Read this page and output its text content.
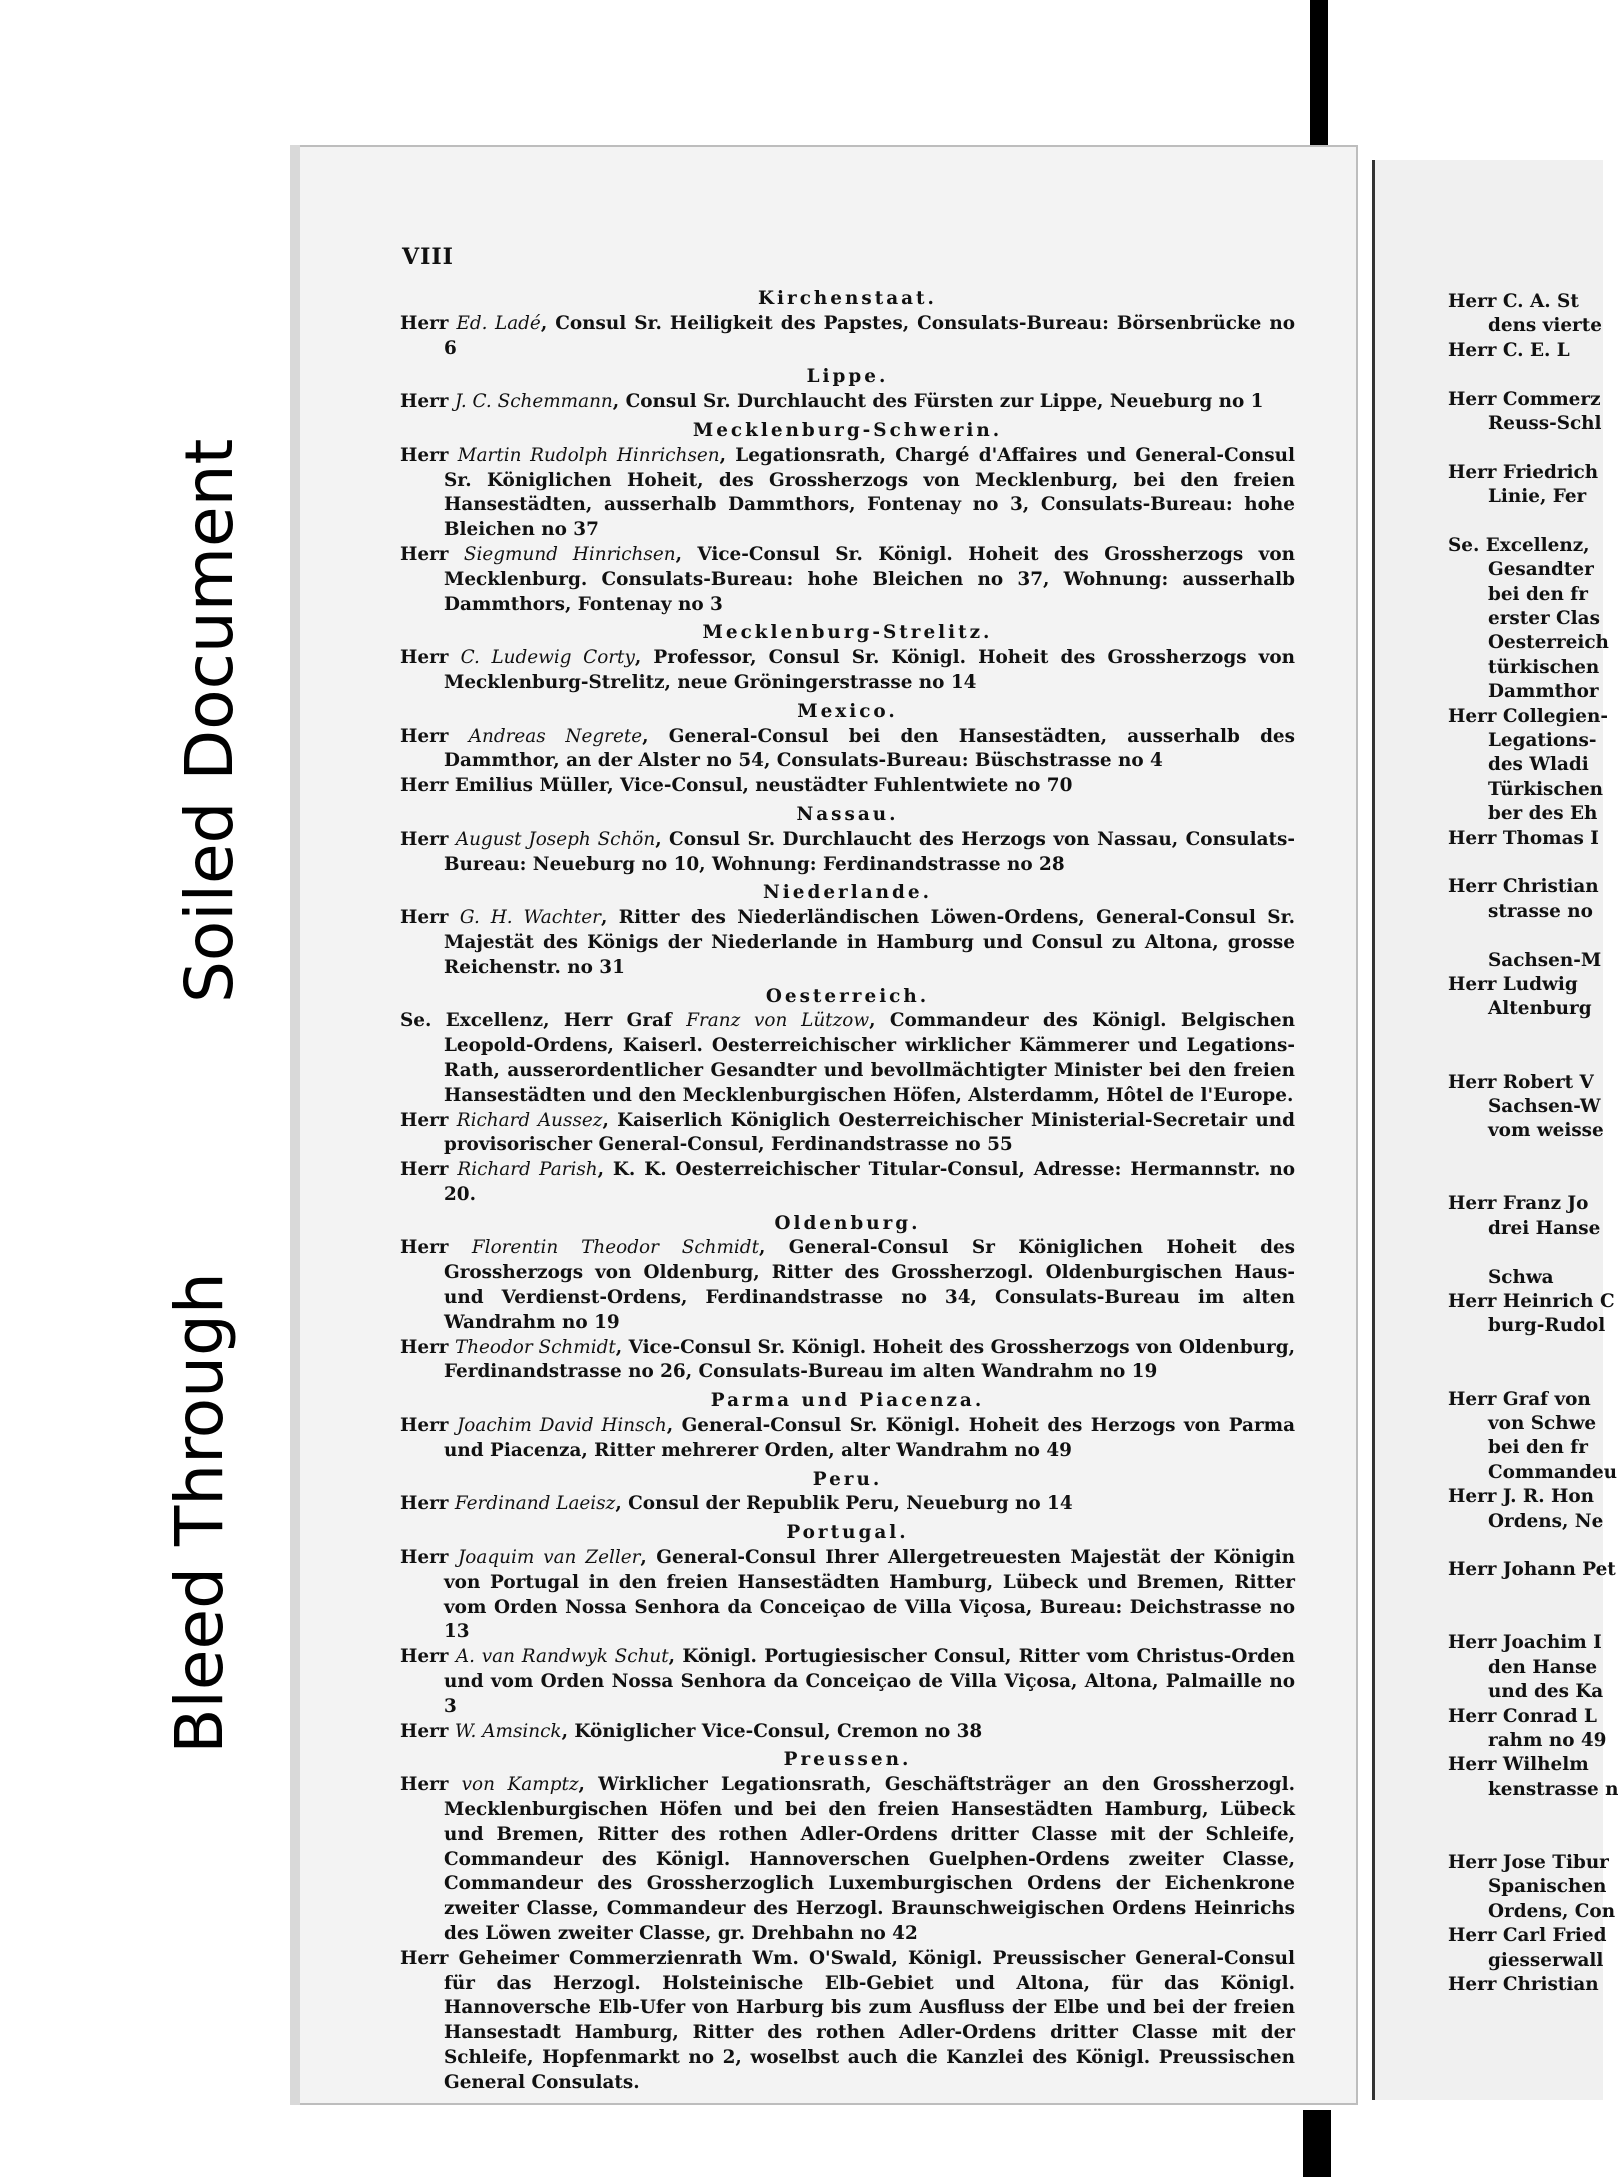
Soiled Document
Bleed Through
VIII
Kirchenstaat.
Herr Ed. Ladé, Consul Sr. Heiligkeit des Papstes, Consulats-Bureau: Börsenbrücke no 6
Lippe.
Herr J. C. Schemmann, Consul Sr. Durchlaucht des Fürsten zur Lippe, Neueburg no 1
Mecklenburg-Schwerin.
Herr Martin Rudolph Hinrichsen, Legationsrath, Chargé d'Affaires und General-Consul Sr. Königlichen Hoheit, des Grossherzogs von Mecklenburg, bei den freien Hansestädten, ausserhalb Dammthors, Fontenay no 3, Consulats-Bureau: hohe Bleichen no 37
Herr Siegmund Hinrichsen, Vice-Consul Sr. Königl. Hoheit des Grossherzogs von Mecklenburg. Consulats-Bureau: hohe Bleichen no 37, Wohnung: ausserhalb Dammthors, Fontenay no 3
Mecklenburg-Strelitz.
Herr C. Ludewig Corty, Professor, Consul Sr. Königl. Hoheit des Grossherzogs von Mecklenburg-Strelitz, neue Gröningerstrasse no 14
Mexico.
Herr Andreas Negrete, General-Consul bei den Hansestädten, ausserhalb des Dammthor, an der Alster no 54, Consulats-Bureau: Büschstrasse no 4
Herr Emilius Müller, Vice-Consul, neustädter Fuhlentwiete no 70
Nassau.
Herr August Joseph Schön, Consul Sr. Durchlaucht des Herzogs von Nassau, Consulats-Bureau: Neueburg no 10, Wohnung: Ferdinandstrasse no 28
Niederlande.
Herr G. H. Wachter, Ritter des Niederländischen Löwen-Ordens, General-Consul Sr. Majestät des Königs der Niederlande in Hamburg und Consul zu Altona, grosse Reichenstr. no 31
Oesterreich.
Se. Excellenz, Herr Graf Franz von Lützow, Commandeur des Königl. Belgischen Leopold-Ordens, Kaiserl. Oesterreichischer wirklicher Kämmerer und Legations-Rath, ausserordentlicher Gesandter und bevollmächtigter Minister bei den freien Hansestädten und den Mecklenburgischen Höfen, Alsterdamm, Hôtel de l'Europe.
Herr Richard Aussez, Kaiserlich Königlich Oesterreichischer Ministerial-Secretair und provisorischer General-Consul, Ferdinandstrasse no 55
Herr Richard Parish, K. K. Oesterreichischer Titular-Consul, Adresse: Hermannstr. no 20.
Oldenburg.
Herr Florentin Theodor Schmidt, General-Consul Sr Königlichen Hoheit des Grossherzogs von Oldenburg, Ritter des Grossherzogl. Oldenburgischen Haus- und Verdienst-Ordens, Ferdinandstrasse no 34, Consulats-Bureau im alten Wandrahm no 19
Herr Theodor Schmidt, Vice-Consul Sr. Königl. Hoheit des Grossherzogs von Oldenburg, Ferdinandstrasse no 26, Consulats-Bureau im alten Wandrahm no 19
Parma und Piacenza.
Herr Joachim David Hinsch, General-Consul Sr. Königl. Hoheit des Herzogs von Parma und Piacenza, Ritter mehrerer Orden, alter Wandrahm no 49
Peru.
Herr Ferdinand Laeisz, Consul der Republik Peru, Neueburg no 14
Portugal.
Herr Joaquim van Zeller, General-Consul Ihrer Allergetreuesten Majestät der Königin von Portugal in den freien Hansestädten Hamburg, Lübeck und Bremen, Ritter vom Orden Nossa Senhora da Conceiçao de Villa Viçosa, Bureau: Deichstrasse no 13
Herr A. van Randwyk Schut, Königl. Portugiesischer Consul, Ritter vom Christus-Orden und vom Orden Nossa Senhora da Conceiçao de Villa Viçosa, Altona, Palmaille no 3
Herr W. Amsinck, Königlicher Vice-Consul, Cremon no 38
Preussen.
Herr von Kamptz, Wirklicher Legationsrath, Geschäftsträger an den Grossherzogl. Mecklenburgischen Höfen und bei den freien Hansestädten Hamburg, Lübeck und Bremen, Ritter des rothen Adler-Ordens dritter Classe mit der Schleife, Commandeur des Königl. Hannoverschen Guelphen-Ordens zweiter Classe, Commandeur des Grossherzoglich Luxemburgischen Ordens der Eichenkrone zweiter Classe, Commandeur des Herzogl. Braunschweigischen Ordens Heinrichs des Löwen zweiter Classe, gr. Drehbahn no 42
Herr Geheimer Commerzienrath Wm. O'Swald, Königl. Preussischer General-Consul für das Herzogl. Holsteinische Elb-Gebiet und Altona, für das Königl. Hannoversche Elb-Ufer von Harburg bis zum Ausfluss der Elbe und bei der freien Hansestadt Hamburg, Ritter des rothen Adler-Ordens dritter Classe mit der Schleife, Hopfenmarkt no 2, woselbst auch die Kanzlei des Königl. Preussischen General Consulats.
Herr C. A. St
dens vierte
Herr C. E. L
Herr Commerz
Reuss-Schl
Herr Friedrich
Linie, Fer
Se. Excellenz,
Gesandter
bei den fr
erster Clas
Oesterreich
türkischen
Dammthor
Herr Collegien-
Legations-
des Wladi
Türkischen
ber des Eh
Herr Thomas I
Herr Christian
strasse no
Sachsen-M
Herr Ludwig
Altenburg
Herr Robert V
Sachsen-W
vom weisse
Herr Franz Jo
drei Hanse
Schwa
Herr Heinrich C
burg-Rudol
Herr Graf von
von Schwe
bei den fr
Commandeu
Herr J. R. Hon
Ordens, Ne
Herr Johann Pet
Herr Joachim I
den Hanse
und des Ka
Herr Conrad L
rahm no 49
Herr Wilhelm
kenstrasse n
Herr Jose Tibur
Spanischen
Ordens, Con
Herr Carl Fried
giesserwall
Herr Christian
